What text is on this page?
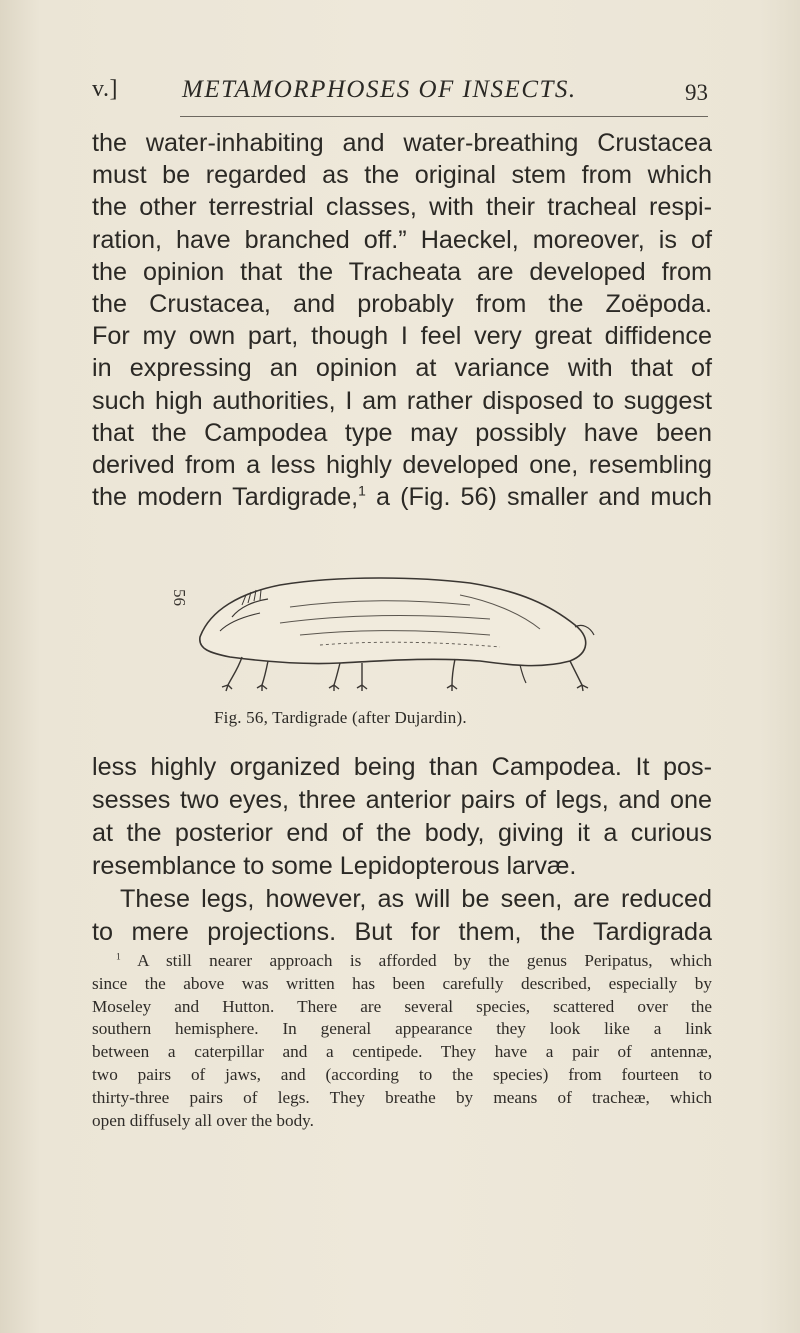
v.]	METAMORPHOSES OF INSECTS.	93
the water-inhabiting and water-breathing Crustacea
must be regarded as the original stem from which
the other terrestrial classes, with their tracheal respi-
ration, have branched off.” Haeckel, moreover, is of
the opinion that the Tracheata are developed from
the Crustacea, and probably from the Zoëpoda.
For my own part, though I feel very great diffidence
in expressing an opinion at variance with that of
such high authorities, I am rather disposed to suggest
that the Campodea type may possibly have been
derived from a less highly developed one, resembling
the modern Tardigrade,$^1$ a (Fig. 56) smaller and much
56
Fig. 56, Tardigrade (after Dujardin).
less highly organized being than Campodea. It pos-
sesses two eyes, three anterior pairs of legs, and one
at the posterior end of the body, giving it a curious
resemblance to some Lepidopterous larvæ.
These legs, however, as will be seen, are reduced
to mere projections. But for them, the Tardigrada
$^1$ A still nearer approach is afforded by the genus Peripatus, which
since the above was written has been carefully described, especially by
Moseley and Hutton. There are several species, scattered over the
southern hemisphere. In general appearance they look like a link
between a caterpillar and a centipede. They have a pair of antennæ,
two pairs of jaws, and (according to the species) from fourteen to
thirty-three pairs of legs. They breathe by means of tracheæ, which
open diffusely all over the body.
